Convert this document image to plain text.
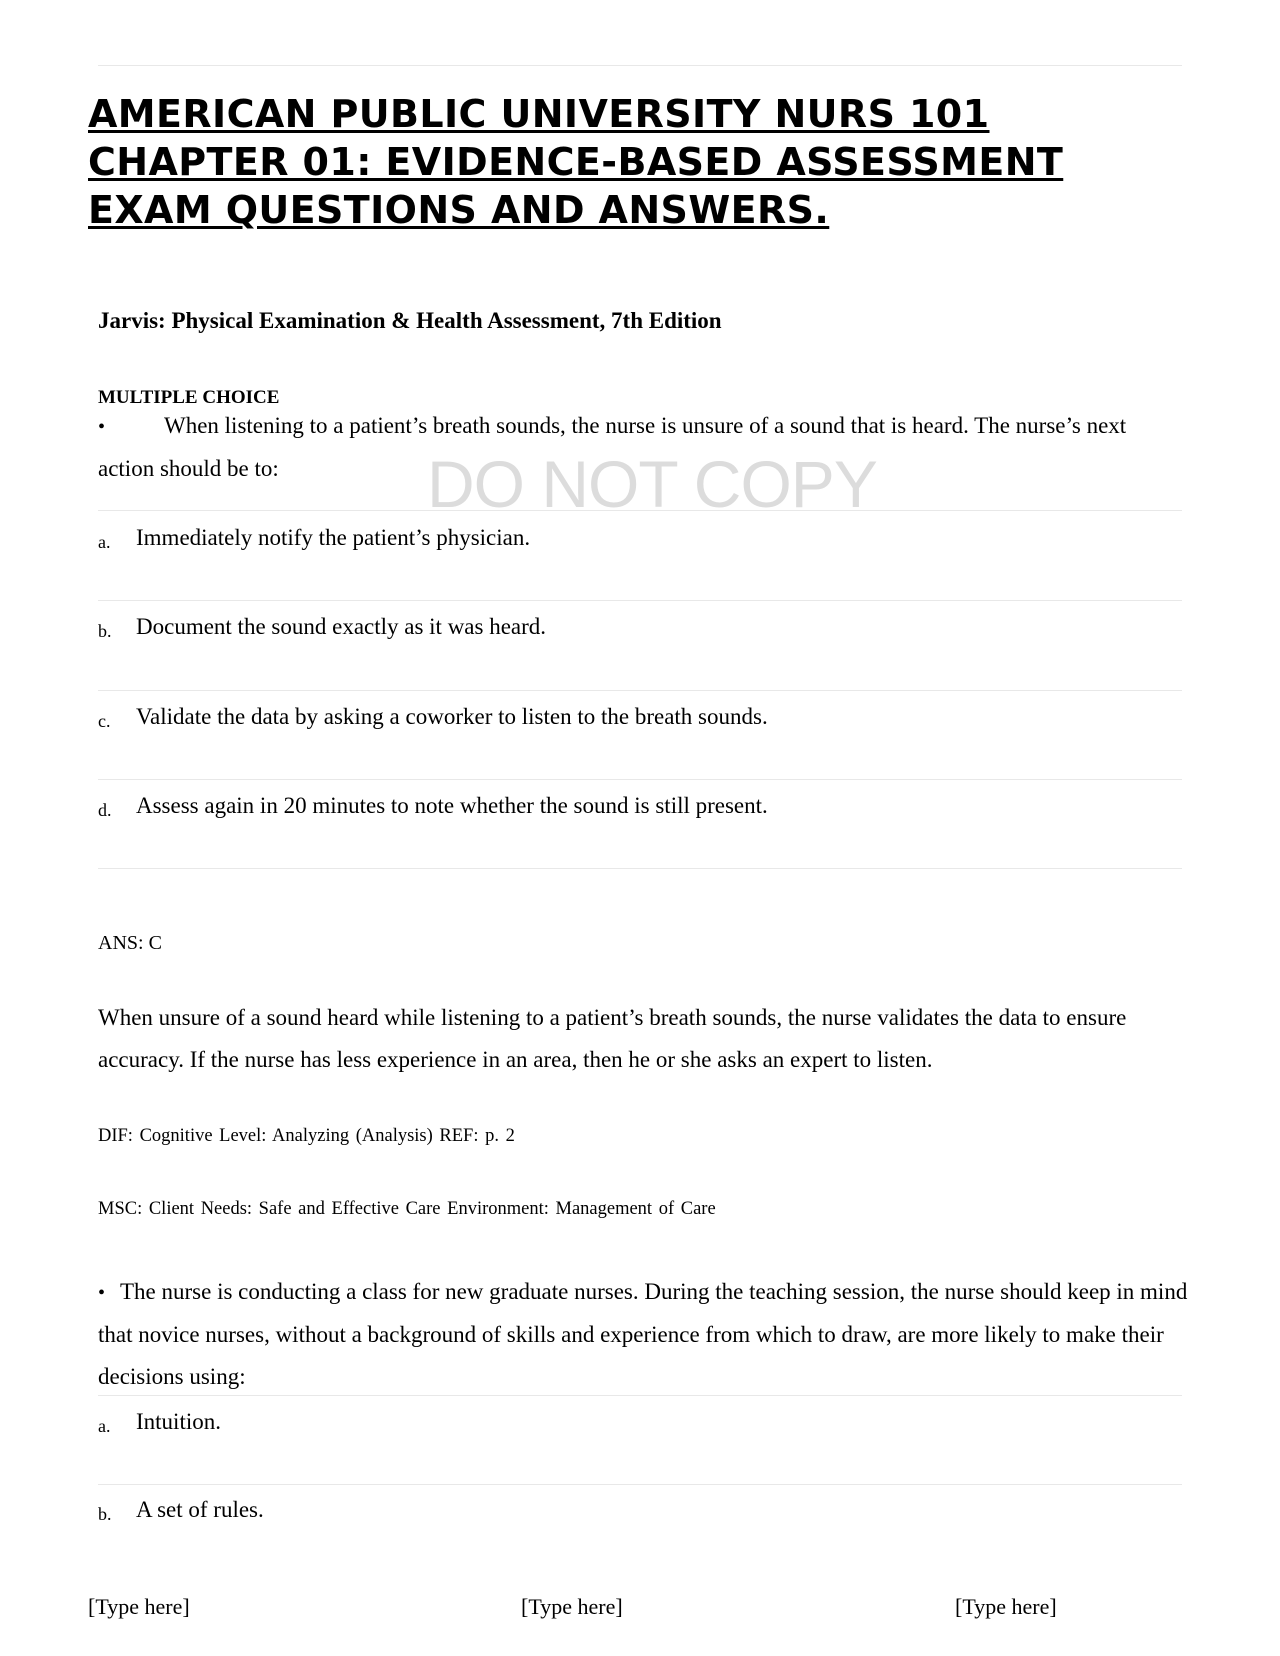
AMERICAN PUBLIC UNIVERSITY NURS 101
CHAPTER 01: EVIDENCE-BASED ASSESSMENT
EXAM QUESTIONS AND ANSWERS.

Jarvis: Physical Examination & Health Assessment, 7th Edition

MULTIPLE CHOICE

•	When listening to a patient’s breath sounds, the nurse is unsure of a sound that is heard. The nurse’s next action should be to:	DO NOT COPY
a. Immediately notify the patient’s physician.
b. Document the sound exactly as it was heard.
c. Validate the data by asking a coworker to listen to the breath sounds.
d. Assess again in 20 minutes to note whether the sound is still present.

ANS: C

When unsure of a sound heard while listening to a patient’s breath sounds, the nurse validates the data to ensure accuracy. If the nurse has less experience in an area, then he or she asks an expert to listen.

DIF: Cognitive Level: Analyzing (Analysis) REF: p. 2

MSC: Client Needs: Safe and Effective Care Environment: Management of Care

• The nurse is conducting a class for new graduate nurses. During the teaching session, the nurse should keep in mind that novice nurses, without a background of skills and experience from which to draw, are more likely to make their decisions using:

a. Intuition.
b. A set of rules.
[Type here]	[Type here]	[Type here]
